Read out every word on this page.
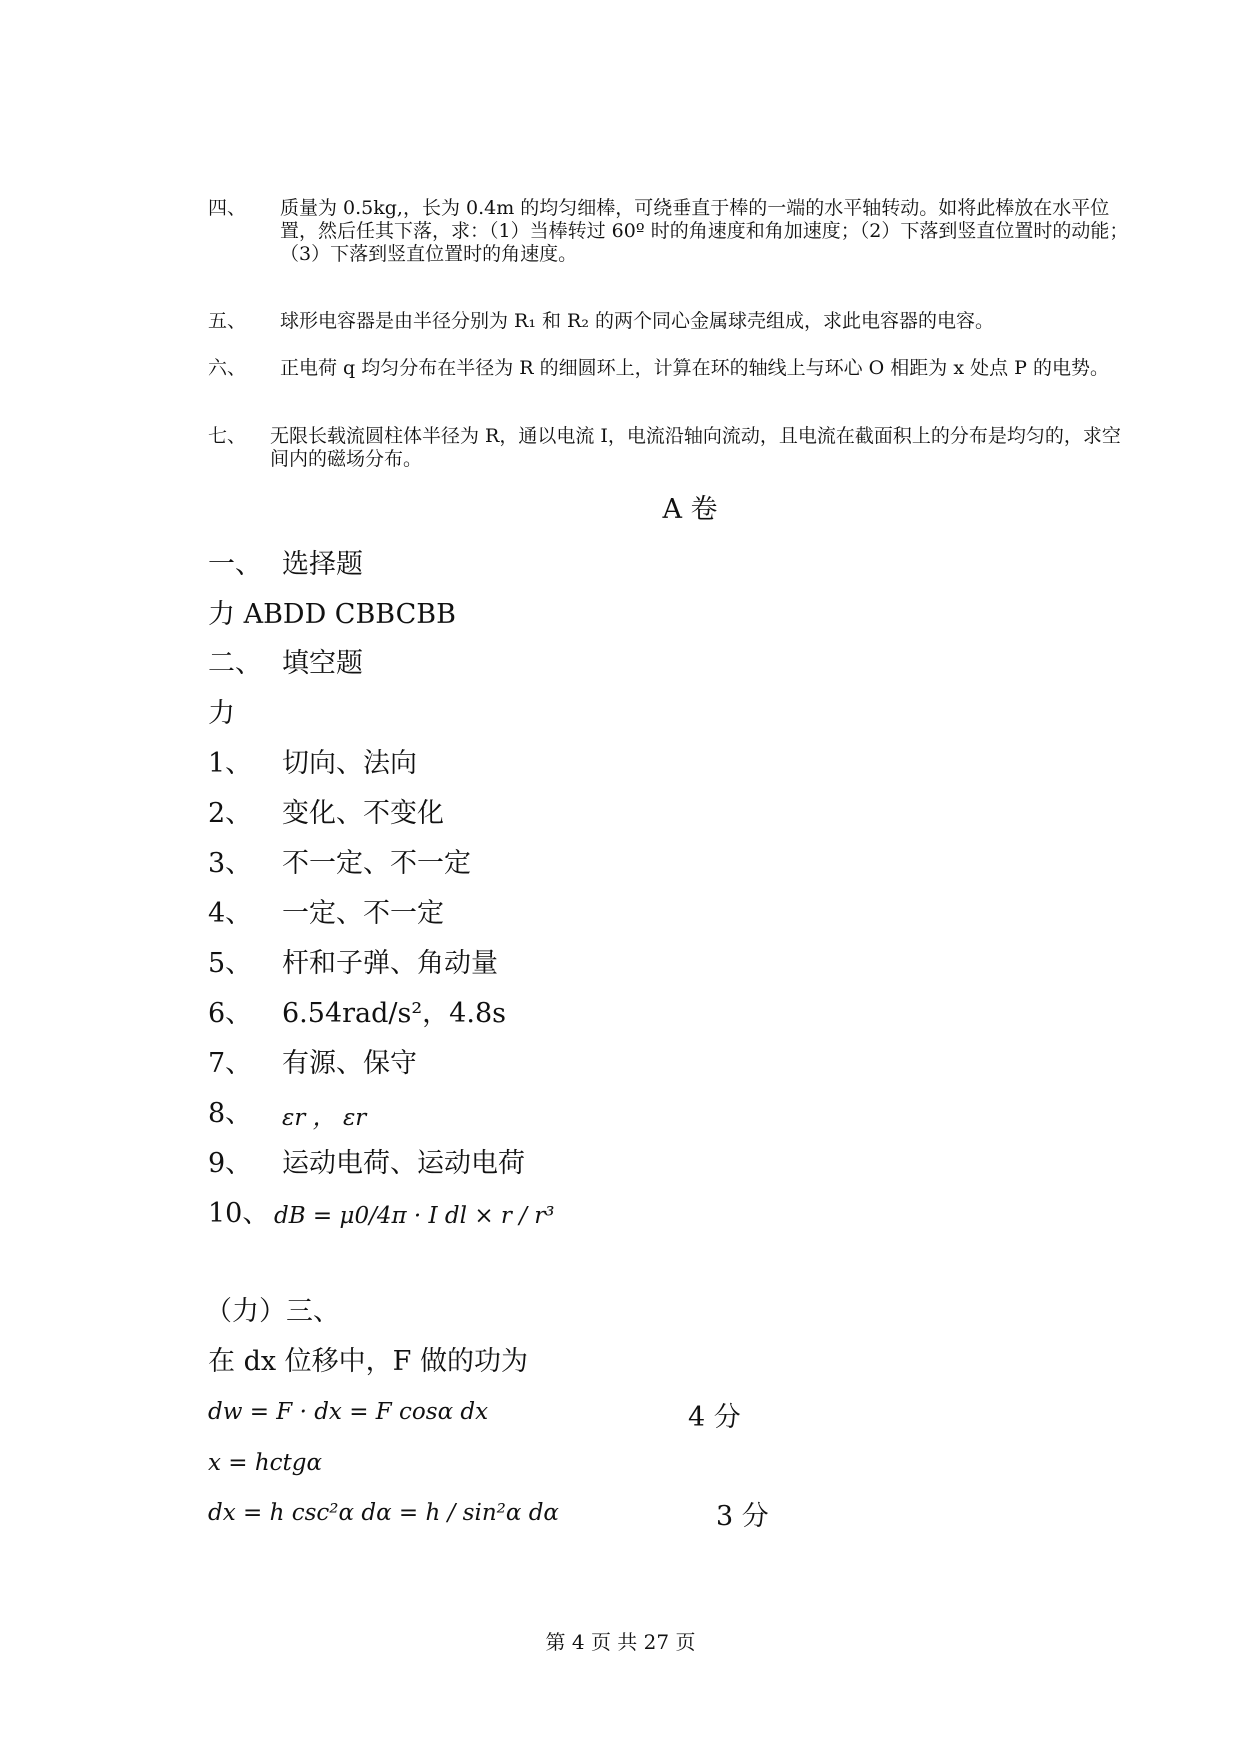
四、 质量为 0.5kg,，长为 0.4m 的均匀细棒，可绕垂直于棒的一端的水平轴转动。如将此棒放在水平位置，然后任其下落，求：（1）当棒转过 60º 时的角速度和角加速度；（2）下落到竖直位置时的动能；（3）下落到竖直位置时的角速度。
五、 球形电容器是由半径分别为 R₁ 和 R₂ 的两个同心金属球壳组成，求此电容器的电容。
六、 正电荷 q 均匀分布在半径为 R 的细圆环上，计算在环的轴线上与环心 O 相距为 x 处点 P 的电势。
七、 无限长载流圆柱体半径为 R，通以电流 I，电流沿轴向流动，且电流在截面积上的分布是均匀的，求空间内的磁场分布。
A 卷
一、 选择题
力 ABDD CBBCBB
二、 填空题
力
1、 切向、法向
2、 变化、不变化
3、 不一定、不一定
4、 一定、不一定
5、 杆和子弹、角动量
6、 6.54rad/s²，4.8s
7、 有源、保守
8、 εr ， εr
9、 运动电荷、运动电荷
10、 dB = μ0/4π · I dl × r / r³
（力）三、
在 dx 位移中，F 做的功为
dw = F · dx = F cosα dx	4 分
x = hctgα
dx = h csc²α dα = h / sin²α dα	3 分
第 4 页 共 27 页
